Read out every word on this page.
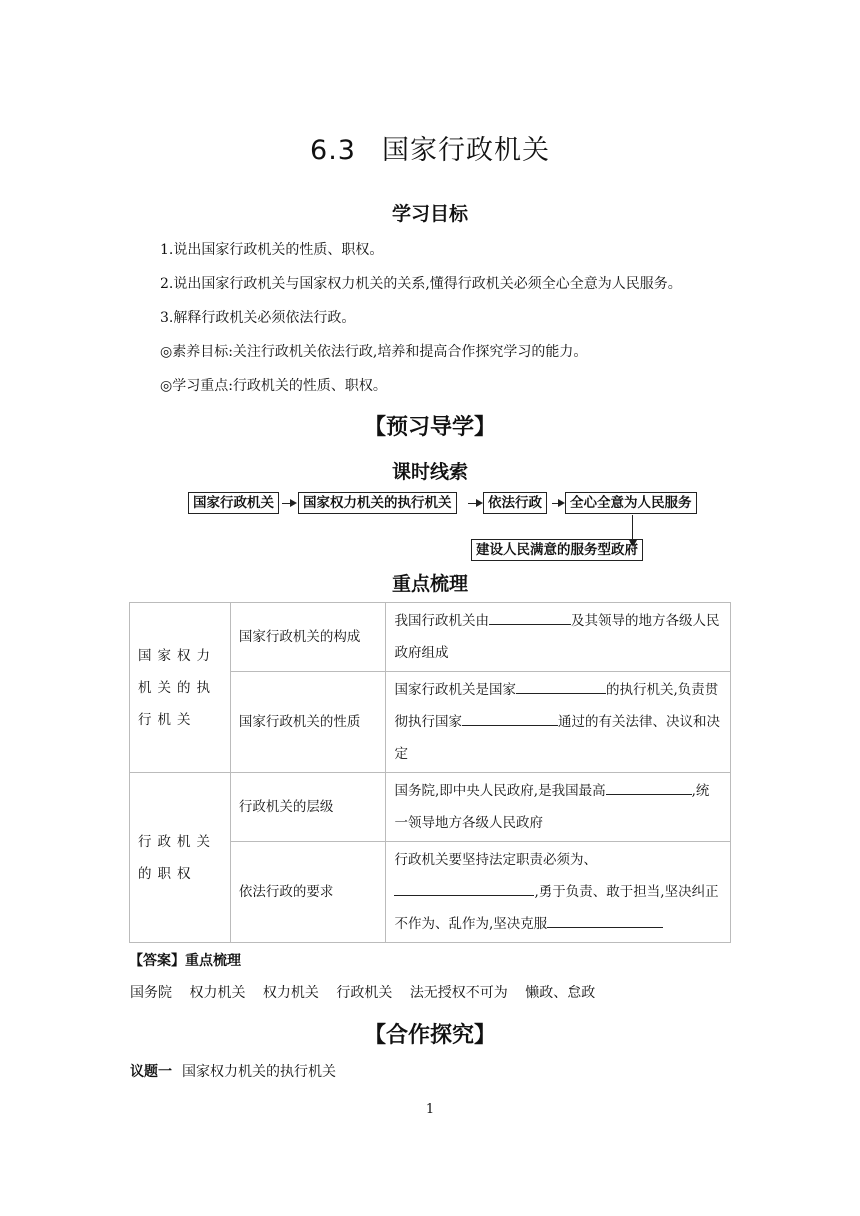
6.3 国家行政机关
学习目标
1.说出国家行政机关的性质、职权。
2.说出国家行政机关与国家权力机关的关系,懂得行政机关必须全心全意为人民服务。
3.解释行政机关必须依法行政。
◎素养目标:关注行政机关依法行政,培养和提高合作探究学习的能力。
◎学习重点:行政机关的性质、职权。
【预习导学】
课时线索
国家行政机关	国家权力机关的执行机关	依法行政	全心全意为人民服务
建设人民满意的服务型政府
重点梳理
国家权力机关的执行机关	国家行政机关的构成	我国行政机关由 及其领导的地方各级人民政府组成
	国家行政机关的性质	国家行政机关是国家 的执行机关,负责贯彻执行国家 通过的有关法律、决议和决定
行政机关的职权	行政机关的层级	国务院,即中央人民政府,是我国最高 ,统一领导地方各级人民政府
	依法行政的要求	行政机关要坚持法定职责必须为、,勇于负责、敢于担当,坚决纠正不作为、乱作为,坚决克服
【答案】重点梳理
国务院 权力机关 权力机关 行政机关 法无授权不可为 懒政、怠政
【合作探究】
议题一 国家权力机关的执行机关
1
